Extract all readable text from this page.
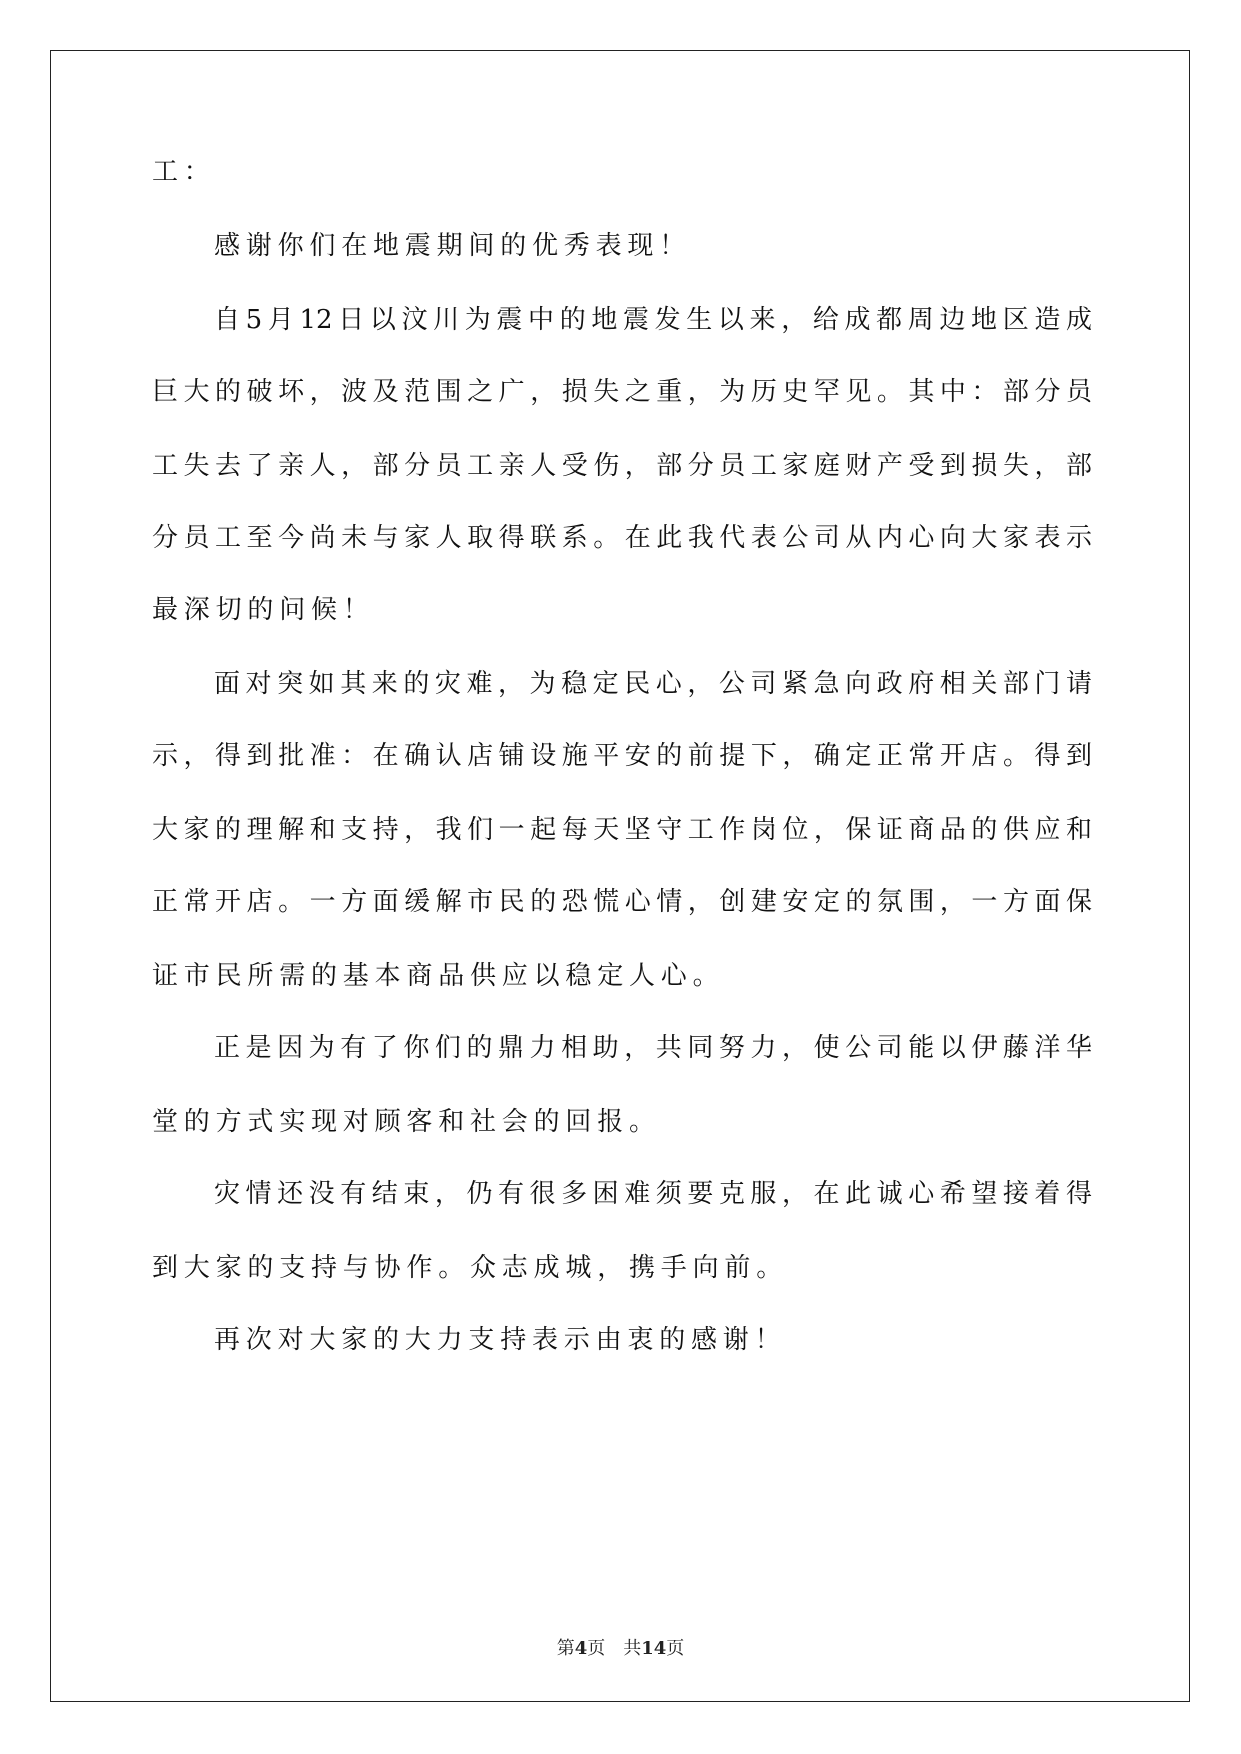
工：
感谢你们在地震期间的优秀表现！
自5月12日以汶川为震中的地震发生以来，给成都周边地区造成
巨大的破坏，波及范围之广，损失之重，为历史罕见。其中：部分员
工失去了亲人，部分员工亲人受伤，部分员工家庭财产受到损失，部
分员工至今尚未与家人取得联系。在此我代表公司从内心向大家表示
最深切的问候！
面对突如其来的灾难，为稳定民心，公司紧急向政府相关部门请
示，得到批准：在确认店铺设施平安的前提下，确定正常开店。得到
大家的理解和支持，我们一起每天坚守工作岗位，保证商品的供应和
正常开店。一方面缓解市民的恐慌心情，创建安定的氛围，一方面保
证市民所需的基本商品供应以稳定人心。
正是因为有了你们的鼎力相助，共同努力，使公司能以伊藤洋华
堂的方式实现对顾客和社会的回报。
灾情还没有结束，仍有很多困难须要克服，在此诚心希望接着得
到大家的支持与协作。众志成城，携手向前。
再次对大家的大力支持表示由衷的感谢！
第4页 共14页
